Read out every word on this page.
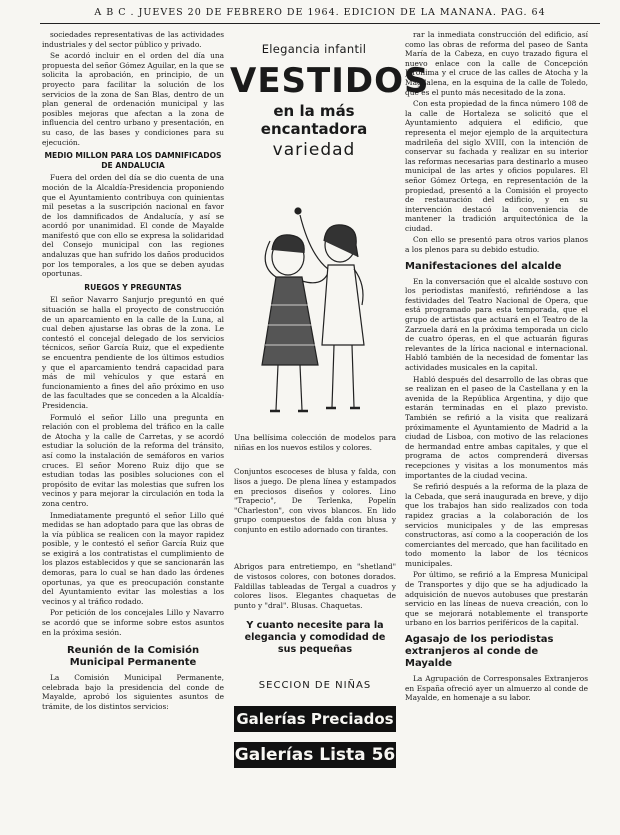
A B C . JUEVES 20 DE FEBRERO DE 1964. EDICION DE LA MAÑANA. PAG. 64

sociedades representativas de las actividades industriales y del sector público y privado.

Se acordó incluir en el orden del día una propuesta del señor Gómez Aguilar, en la que se solicita la aprobación, en principio, de un proyecto para facilitar la solución de los servicios de la zona de San Blas, dentro de un plan general de ordenación municipal y las posibles mejoras que afectan a la zona de influencia del centro urbano y presentación, en su caso, de las bases y condiciones para su ejecución.

MEDIO MILLON PARA LOS DAMNIFICADOS DE ANDALUCIA

Fuera del orden del día se dio cuenta de una moción de la Alcaldía-Presidencia proponiendo que el Ayuntamiento contribuya con quinientas mil pesetas a la suscripción nacional en favor de los damnificados de Andalucía, y así se acordó por unanimidad. El conde de Mayalde manifestó que con ello se expresa la solidaridad del Consejo municipal con las regiones andaluzas que han sufrido los daños producidos por los temporales, a los que se deben ayudas oportunas.

RUEGOS Y PREGUNTAS

El señor Navarro Sanjurjo preguntó en qué situación se halla el proyecto de construcción de un aparcamiento en la calle de la Luna, al cual deben ajustarse las obras de la zona. Le contestó el concejal delegado de los servicios técnicos, señor García Ruiz, que el expediente se encuentra pendiente de los últimos estudios y que el aparcamiento tendrá capacidad para más de mil vehículos y que estará en funcionamiento a fines del año próximo en uso de las facultades que se conceden a la Alcaldía-Presidencia.

Formuló el señor Lillo una pregunta en relación con el problema del tráfico en la calle de Atocha y la calle de Carretas, y se acordó estudiar la solución de la reforma del tránsito, así como la instalación de semáforos en varios cruces. El señor Moreno Ruiz dijo que se estudian todas las posibles soluciones con el propósito de evitar las molestias que sufren los vecinos y para mejorar la circulación en toda la zona centro.

Inmediatamente preguntó el señor Lillo qué medidas se han adoptado para que las obras de la vía pública se realicen con la mayor rapidez posible, y le contestó el señor García Ruiz que se exigirá a los contratistas el cumplimiento de los plazos establecidos y que se sancionarán las demoras, para lo cual se han dado las órdenes oportunas, ya que es preocupación constante del Ayuntamiento evitar las molestias a los vecinos y al tráfico rodado.

Por petición de los concejales Lillo y Navarro se acordó que se informe sobre estos asuntos en la próxima sesión.

Reunión de la Comisión Municipal Permanente

La Comisión Municipal Permanente, celebrada bajo la presidencia del conde de Mayalde, aprobó los siguientes asuntos de trámite, de los distintos servicios:

Elegancia infantil
VESTIDOS
en la más encantadora
variedad

Una bellísima colección de modelos para niñas en los nuevos estilos y colores.

Conjuntos escoceses de blusa y falda, con lisos a juego. De plena línea y estampados en preciosos diseños y colores. Lino "Trapecio", De Terlenka, Popelín "Charleston", con vivos blancos. En lido grupo compuestos de falda con blusa y conjunto en estilo adornado con tirantes.

Abrigos para entretiempo, en "shetland" de vistosos colores, con botones dorados. Faldillas tableadas de Tergal a cuadros y colores lisos. Elegantes chaquetas de punto y "dral". Blusas. Chaquetas.

Y cuanto necesite para la elegancia y comodidad de sus pequeñas
SECCION DE NIÑAS
Galerías Preciados
Galerías Lista 56

rar la inmediata construcción del edificio, así como las obras de reforma del paseo de Santa María de la Cabeza, en cuyo trazado figura el nuevo enlace con la calle de Concepción Jerónima y el cruce de las calles de Atocha y la Magdalena, en la esquina de la calle de Toledo, que es el punto más necesitado de la zona.

Con esta propiedad de la finca número 108 de la calle de Hortaleza se solicitó que el Ayuntamiento adquiera el edificio, que representa el mejor ejemplo de la arquitectura madrileña del siglo XVIII, con la intención de conservar su fachada y realizar en su interior las reformas necesarias para destinarlo a museo municipal de las artes y oficios populares. El señor Gómez Ortega, en representación de la propiedad, presentó a la Comisión el proyecto de restauración del edificio, y en su intervención destacó la conveniencia de mantener la tradición arquitectónica de la ciudad.

Con ello se presentó para otros varios planos a los plenos para su debido estudio.

Manifestaciones del alcalde

En la conversación que el alcalde sostuvo con los periodistas manifestó, refiriéndose a las festividades del Teatro Nacional de Opera, que está programado para esta temporada, que el grupo de artistas que actuará en el Teatro de la Zarzuela dará en la próxima temporada un ciclo de cuatro óperas, en el que actuarán figuras relevantes de la lírica nacional e internacional. Habló también de la necesidad de fomentar las actividades musicales en la capital.

Habló después del desarrollo de las obras que se realizan en el paseo de la Castellana y en la avenida de la República Argentina, y dijo que estarán terminadas en el plazo previsto. También se refirió a la visita que realizará próximamente el Ayuntamiento de Madrid a la ciudad de Lisboa, con motivo de las relaciones de hermandad entre ambas capitales, y que el programa de actos comprenderá diversas recepciones y visitas a los monumentos más importantes de la ciudad vecina.

Se refirió después a la reforma de la plaza de la Cebada, que será inaugurada en breve, y dijo que los trabajos han sido realizados con toda rapidez gracias a la colaboración de los servicios municipales y de las empresas constructoras, así como a la cooperación de los comerciantes del mercado, que han facilitado en todo momento la labor de los técnicos municipales.

Por último, se refirió a la Empresa Municipal de Transportes y dijo que se ha adjudicado la adquisición de nuevos autobuses que prestarán servicio en las líneas de nueva creación, con lo que se mejorará notablemente el transporte urbano en los barrios periféricos de la capital.

Agasajo de los periodistas extranjeros al conde de Mayalde

La Agrupación de Corresponsales Extranjeros en España ofreció ayer un almuerzo al conde de Mayalde, en homenaje a su labor.
